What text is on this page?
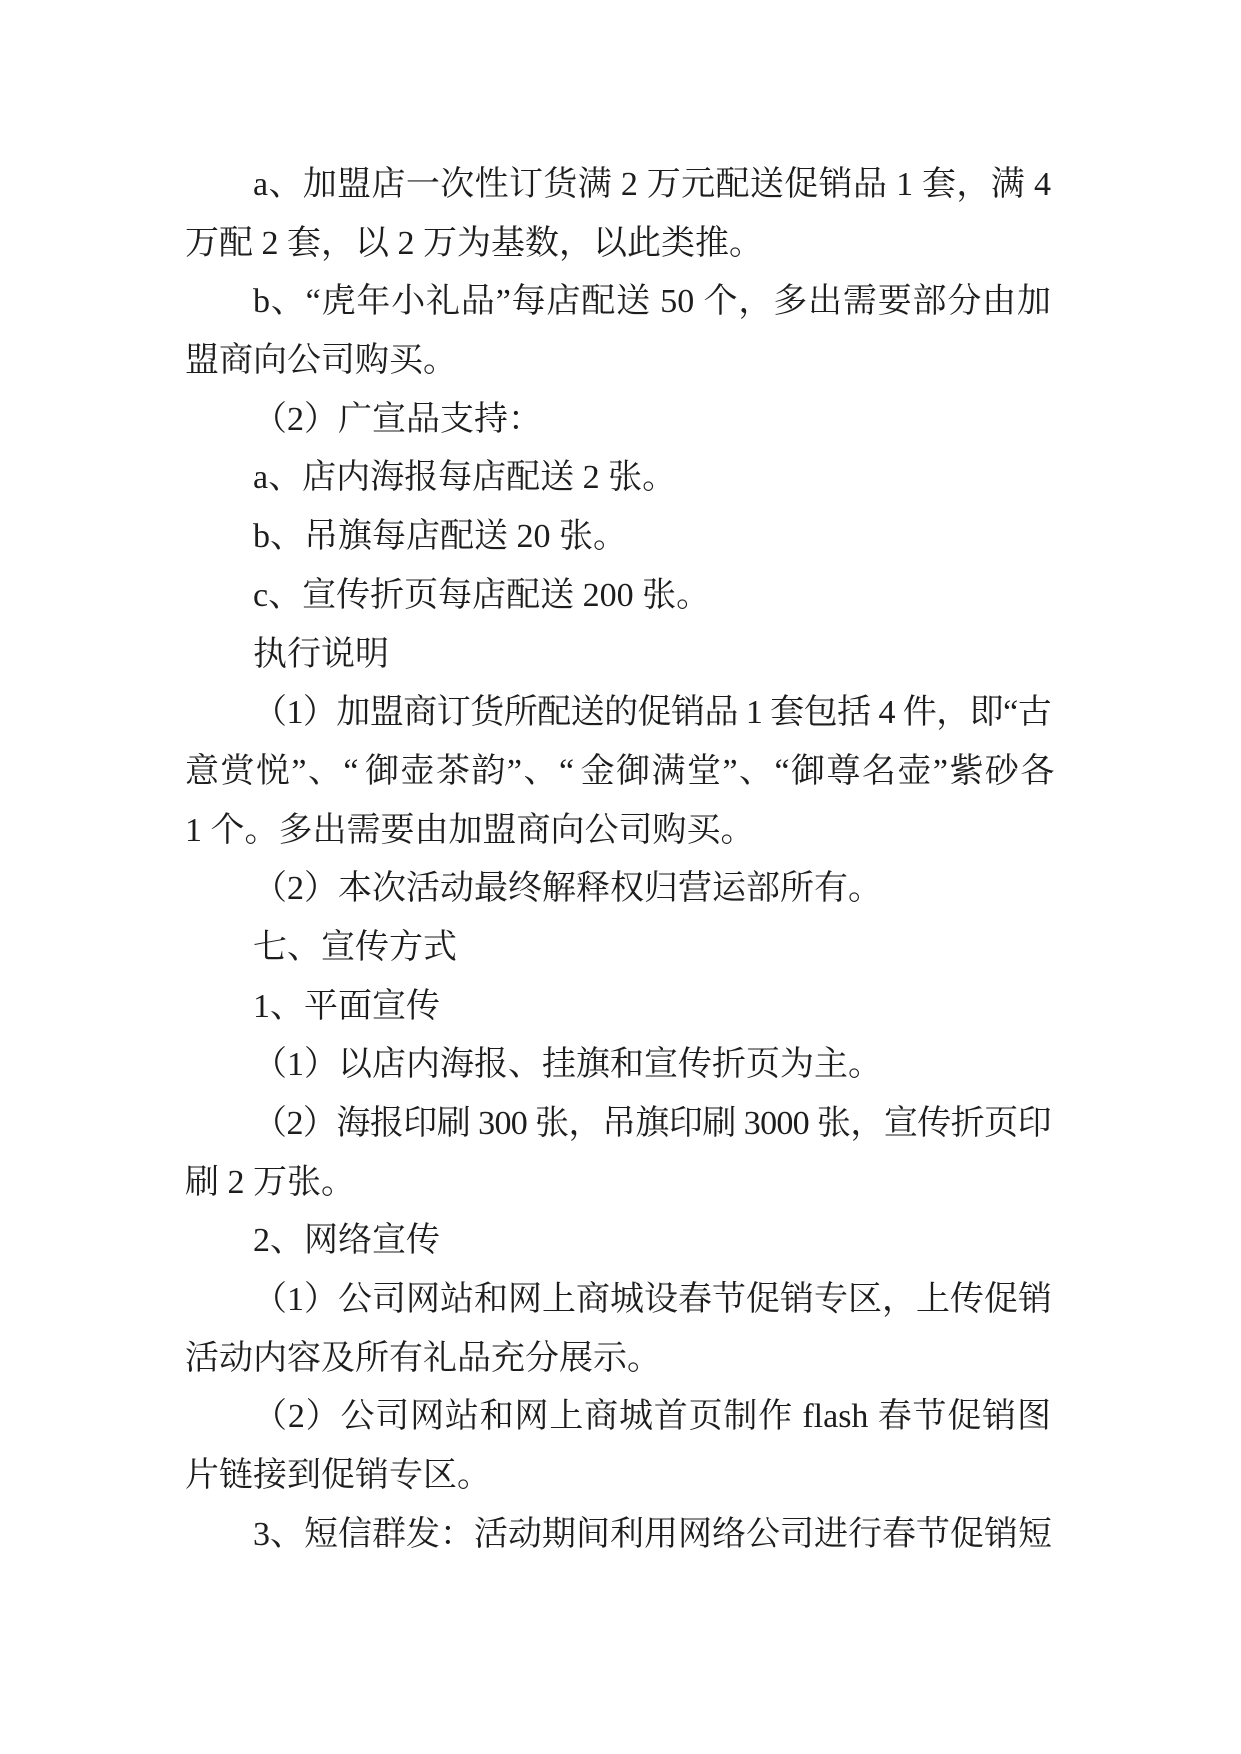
a、加盟店一次性订货满 2 万元配送促销品 1 套，满 4
万配 2 套，以 2 万为基数，以此类推。
b、“虎年小礼品”每店配送 50 个，多出需要部分由加
盟商向公司购买。
（2）广宣品支持：
a、店内海报每店配送 2 张。
b、吊旗每店配送 20 张。
c、宣传折页每店配送 200 张。
执行说明
（1）加盟商订货所配送的促销品 1 套包括 4 件，即“古
意赏悦”、“ 御壶茶韵”、“ 金御满堂”、“御尊名壶”紫砂各
1 个。多出需要由加盟商向公司购买。
（2）本次活动最终解释权归营运部所有。
七、宣传方式
1、平面宣传
（1）以店内海报、挂旗和宣传折页为主。
（2）海报印刷 300 张，吊旗印刷 3000 张，宣传折页印
刷 2 万张。
2、网络宣传
（1）公司网站和网上商城设春节促销专区，上传促销
活动内容及所有礼品充分展示。
（2）公司网站和网上商城首页制作 flash 春节促销图
片链接到促销专区。
3、短信群发：活动期间利用网络公司进行春节促销短
